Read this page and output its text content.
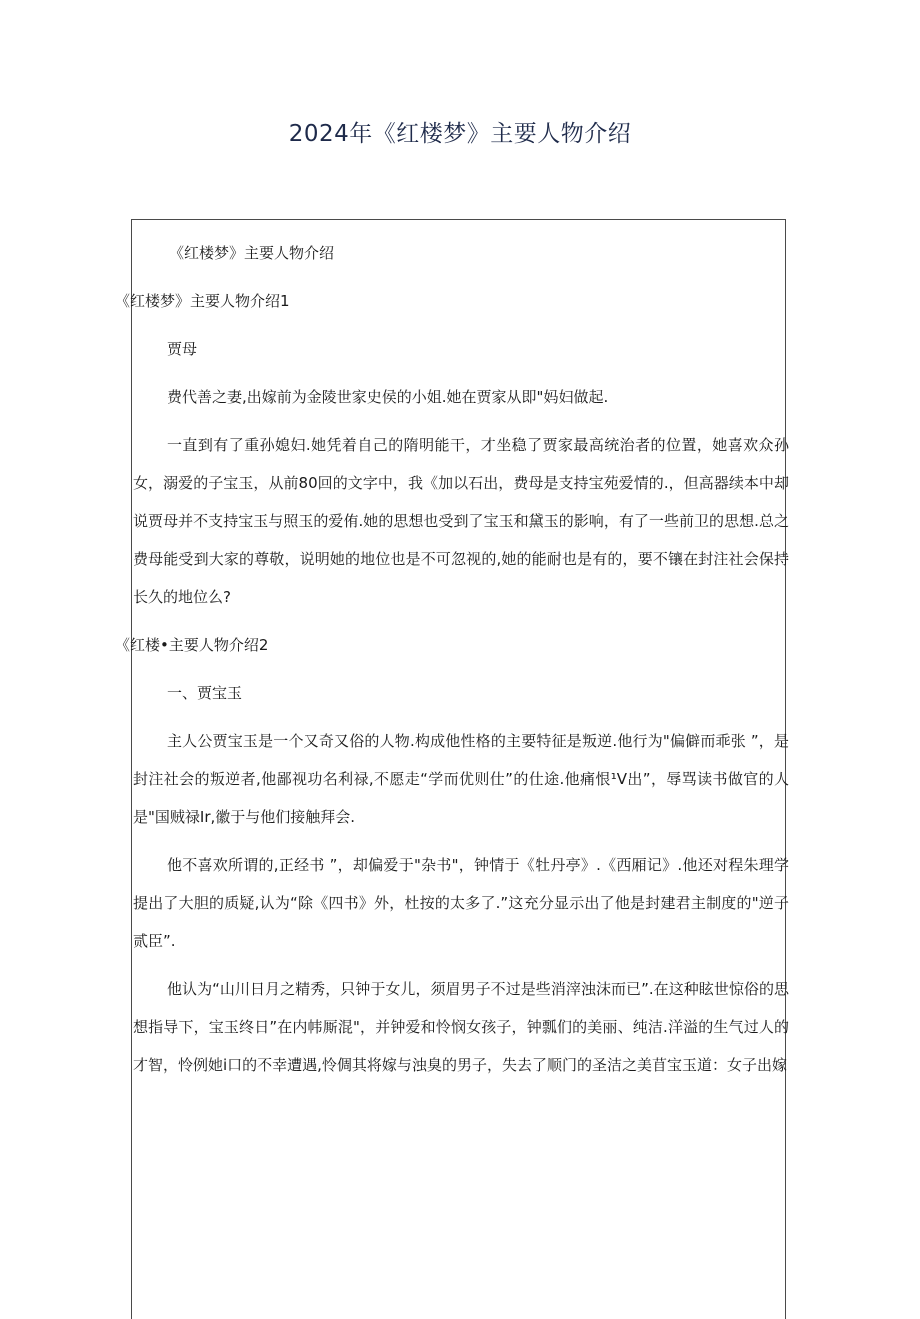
2024年《红楼梦》主要人物介绍

《红楼梦》主要人物介绍

《红楼梦》主要人物介绍1

贾母

费代善之妻,出嫁前为金陵世家史侯的小姐.她在贾家从即"妈妇做起.

一直到有了重孙媳妇.她凭着自己的隋明能干，才坐稳了贾家最高统治者的位置，她喜欢众孙女，溺爱的子宝玉，从前80回的文字中，我《加以石出，费母是支持宝苑爱情的.，但高器续本中却说贾母并不支持宝玉与照玉的爱侑.她的思想也受到了宝玉和黛玉的影响，有了一些前卫的思想.总之费母能受到大家的尊敬，说明她的地位也是不可忽视的,她的能耐也是有的，要不镶在封注社会保持长久的地位么?

《红楼•主要人物介绍2

一、贾宝玉

主人公贾宝玉是一个又奇又俗的人物.构成他性格的主要特征是叛逆.他行为"偏僻而乖张 ”，是封注社会的叛逆者,他鄙视功名利禄,不愿走“学而优则仕”的仕途.他痛恨¹V出”，辱骂读书做官的人是"国贼禄Ir,徽于与他们接触拜会.

他不喜欢所谓的,正经书 ”，却偏爱于"杂书"，钟情于《牡丹亭》.《西厢记》.他还对程朱理学提出了大胆的质疑,认为“除《四书》外，杜按的太多了.”这充分显示出了他是封建君主制度的"逆子贰臣”.

他认为“山川日月之精秀，只钟于女儿，须眉男子不过是些消滓浊沫而已”.在这种眩世惊俗的思想指导下，宝玉终日”在内帏厮混"，并钟爱和怜悯女孩子，钟瓢们的美丽、纯洁.洋溢的生气过人的才智，怜例她i口的不幸遭遇,怜倜其将嫁与浊臭的男子，失去了顺门的圣洁之美苜宝玉道：女子出嫁
